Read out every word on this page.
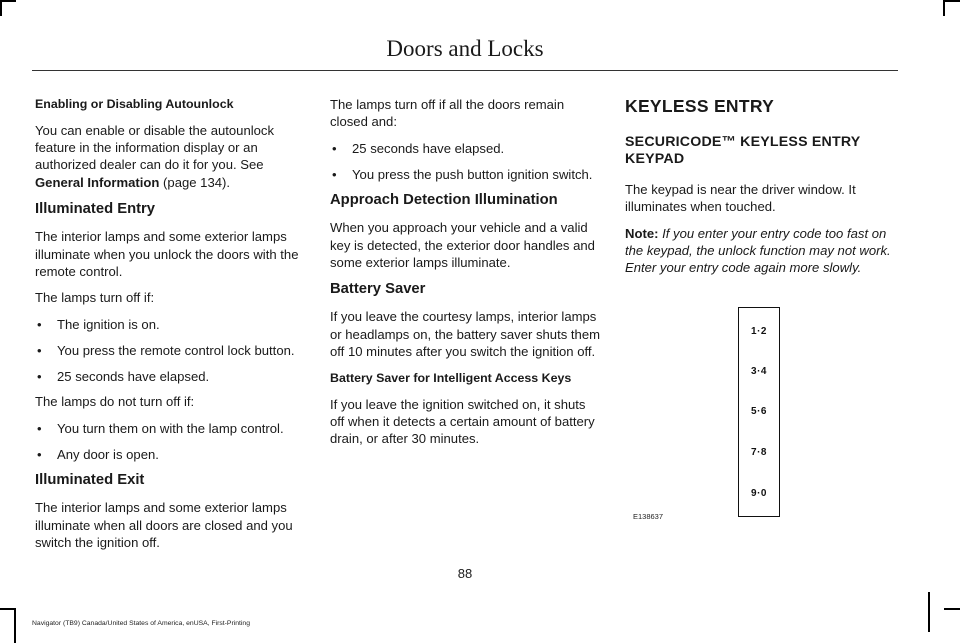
Doors and Locks
Enabling or Disabling Autounlock

You can enable or disable the autounlock feature in the information display or an authorized dealer can do it for you. See General Information (page 134).

Illuminated Entry

The interior lamps and some exterior lamps illuminate when you unlock the doors with the remote control.

The lamps turn off if:

• The ignition is on.
• You press the remote control lock button.
• 25 seconds have elapsed.

The lamps do not turn off if:

• You turn them on with the lamp control.
• Any door is open.
Illuminated Exit

The interior lamps and some exterior lamps illuminate when all doors are closed and you switch the ignition off.

The lamps turn off if all the doors remain closed and:

• 25 seconds have elapsed.
• You press the push button ignition switch.
Approach Detection Illumination

When you approach your vehicle and a valid key is detected, the exterior door handles and some exterior lamps illuminate.

Battery Saver

If you leave the courtesy lamps, interior lamps or headlamps on, the battery saver shuts them off 10 minutes after you switch the ignition off.

Battery Saver for Intelligent Access Keys

If you leave the ignition switched on, it shuts off when it detects a certain amount of battery drain, or after 30 minutes.

KEYLESS ENTRY
SECURICODE™ KEYLESS ENTRY KEYPAD

The keypad is near the driver window. It illuminates when touched.

Note: If you enter your entry code too fast on the keypad, the unlock function may not work. Enter your entry code again more slowly.

1·2
3·4
5·6
7·8
9·0
E138637
88
Navigator (TB9) Canada/United States of America, enUSA, First-Printing
